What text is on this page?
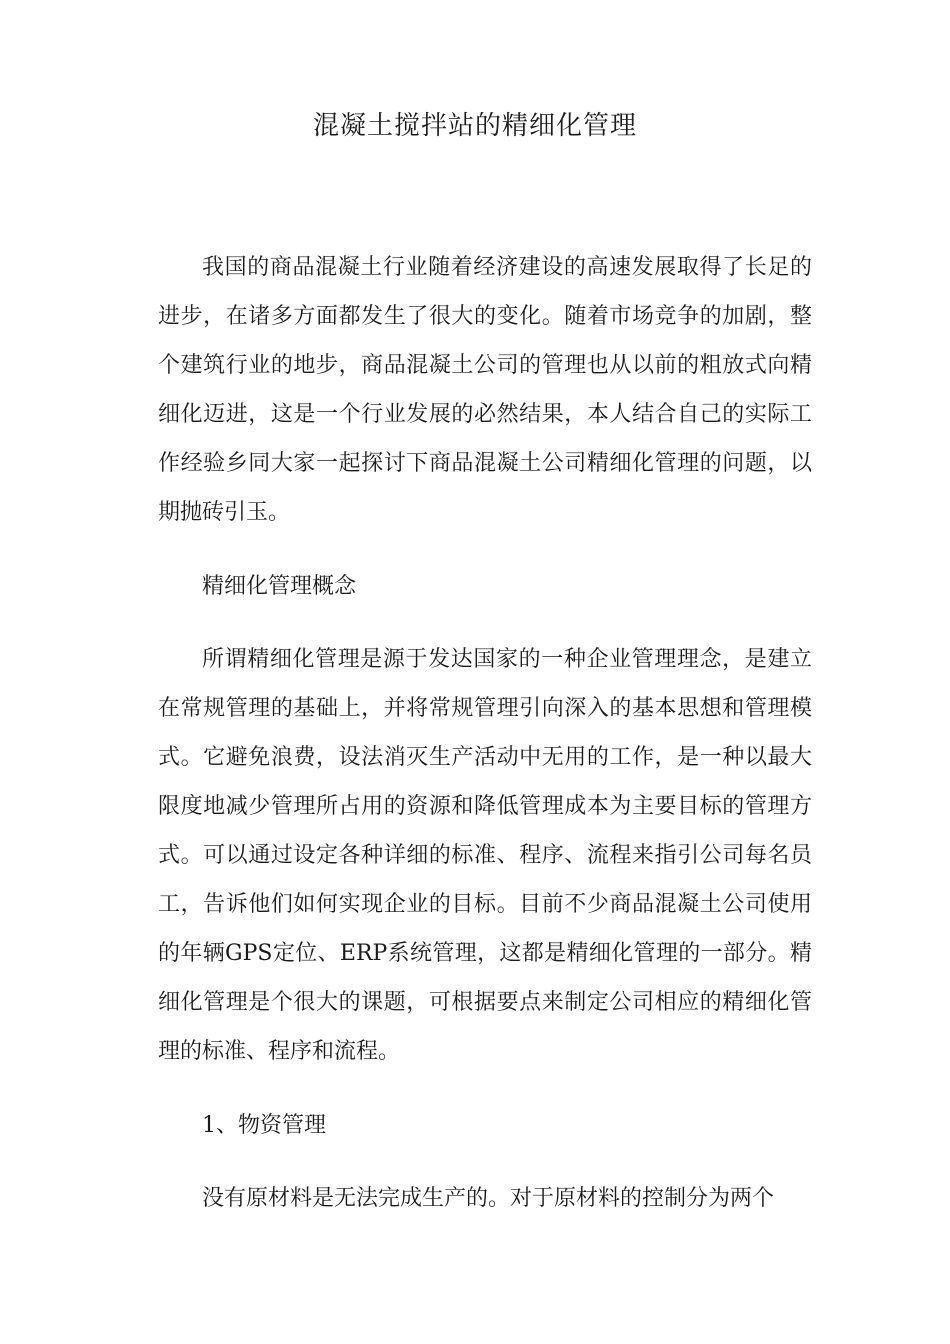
混凝土搅拌站的精细化管理

我国的商品混凝土行业随着经济建设的高速发展取得了长足的进步，在诸多方面都发生了很大的变化。随着市场竞争的加剧，整个建筑行业的地步，商品混凝土公司的管理也从以前的粗放式向精细化迈进，这是一个行业发展的必然结果，本人结合自己的实际工作经验乡同大家一起探讨下商品混凝土公司精细化管理的问题，以期抛砖引玉。

精细化管理概念

所谓精细化管理是源于发达国家的一种企业管理理念，是建立在常规管理的基础上，并将常规管理引向深入的基本思想和管理模式。它避免浪费，设法消灭生产活动中无用的工作，是一种以最大限度地减少管理所占用的资源和降低管理成本为主要目标的管理方式。可以通过设定各种详细的标准、程序、流程来指引公司每名员工，告诉他们如何实现企业的目标。目前不少商品混凝土公司使用的年辆GPS定位、ERP系统管理，这都是精细化管理的一部分。精细化管理是个很大的课题，可根据要点来制定公司相应的精细化管理的标准、程序和流程。

1、物资管理

没有原材料是无法完成生产的。对于原材料的控制分为两个
